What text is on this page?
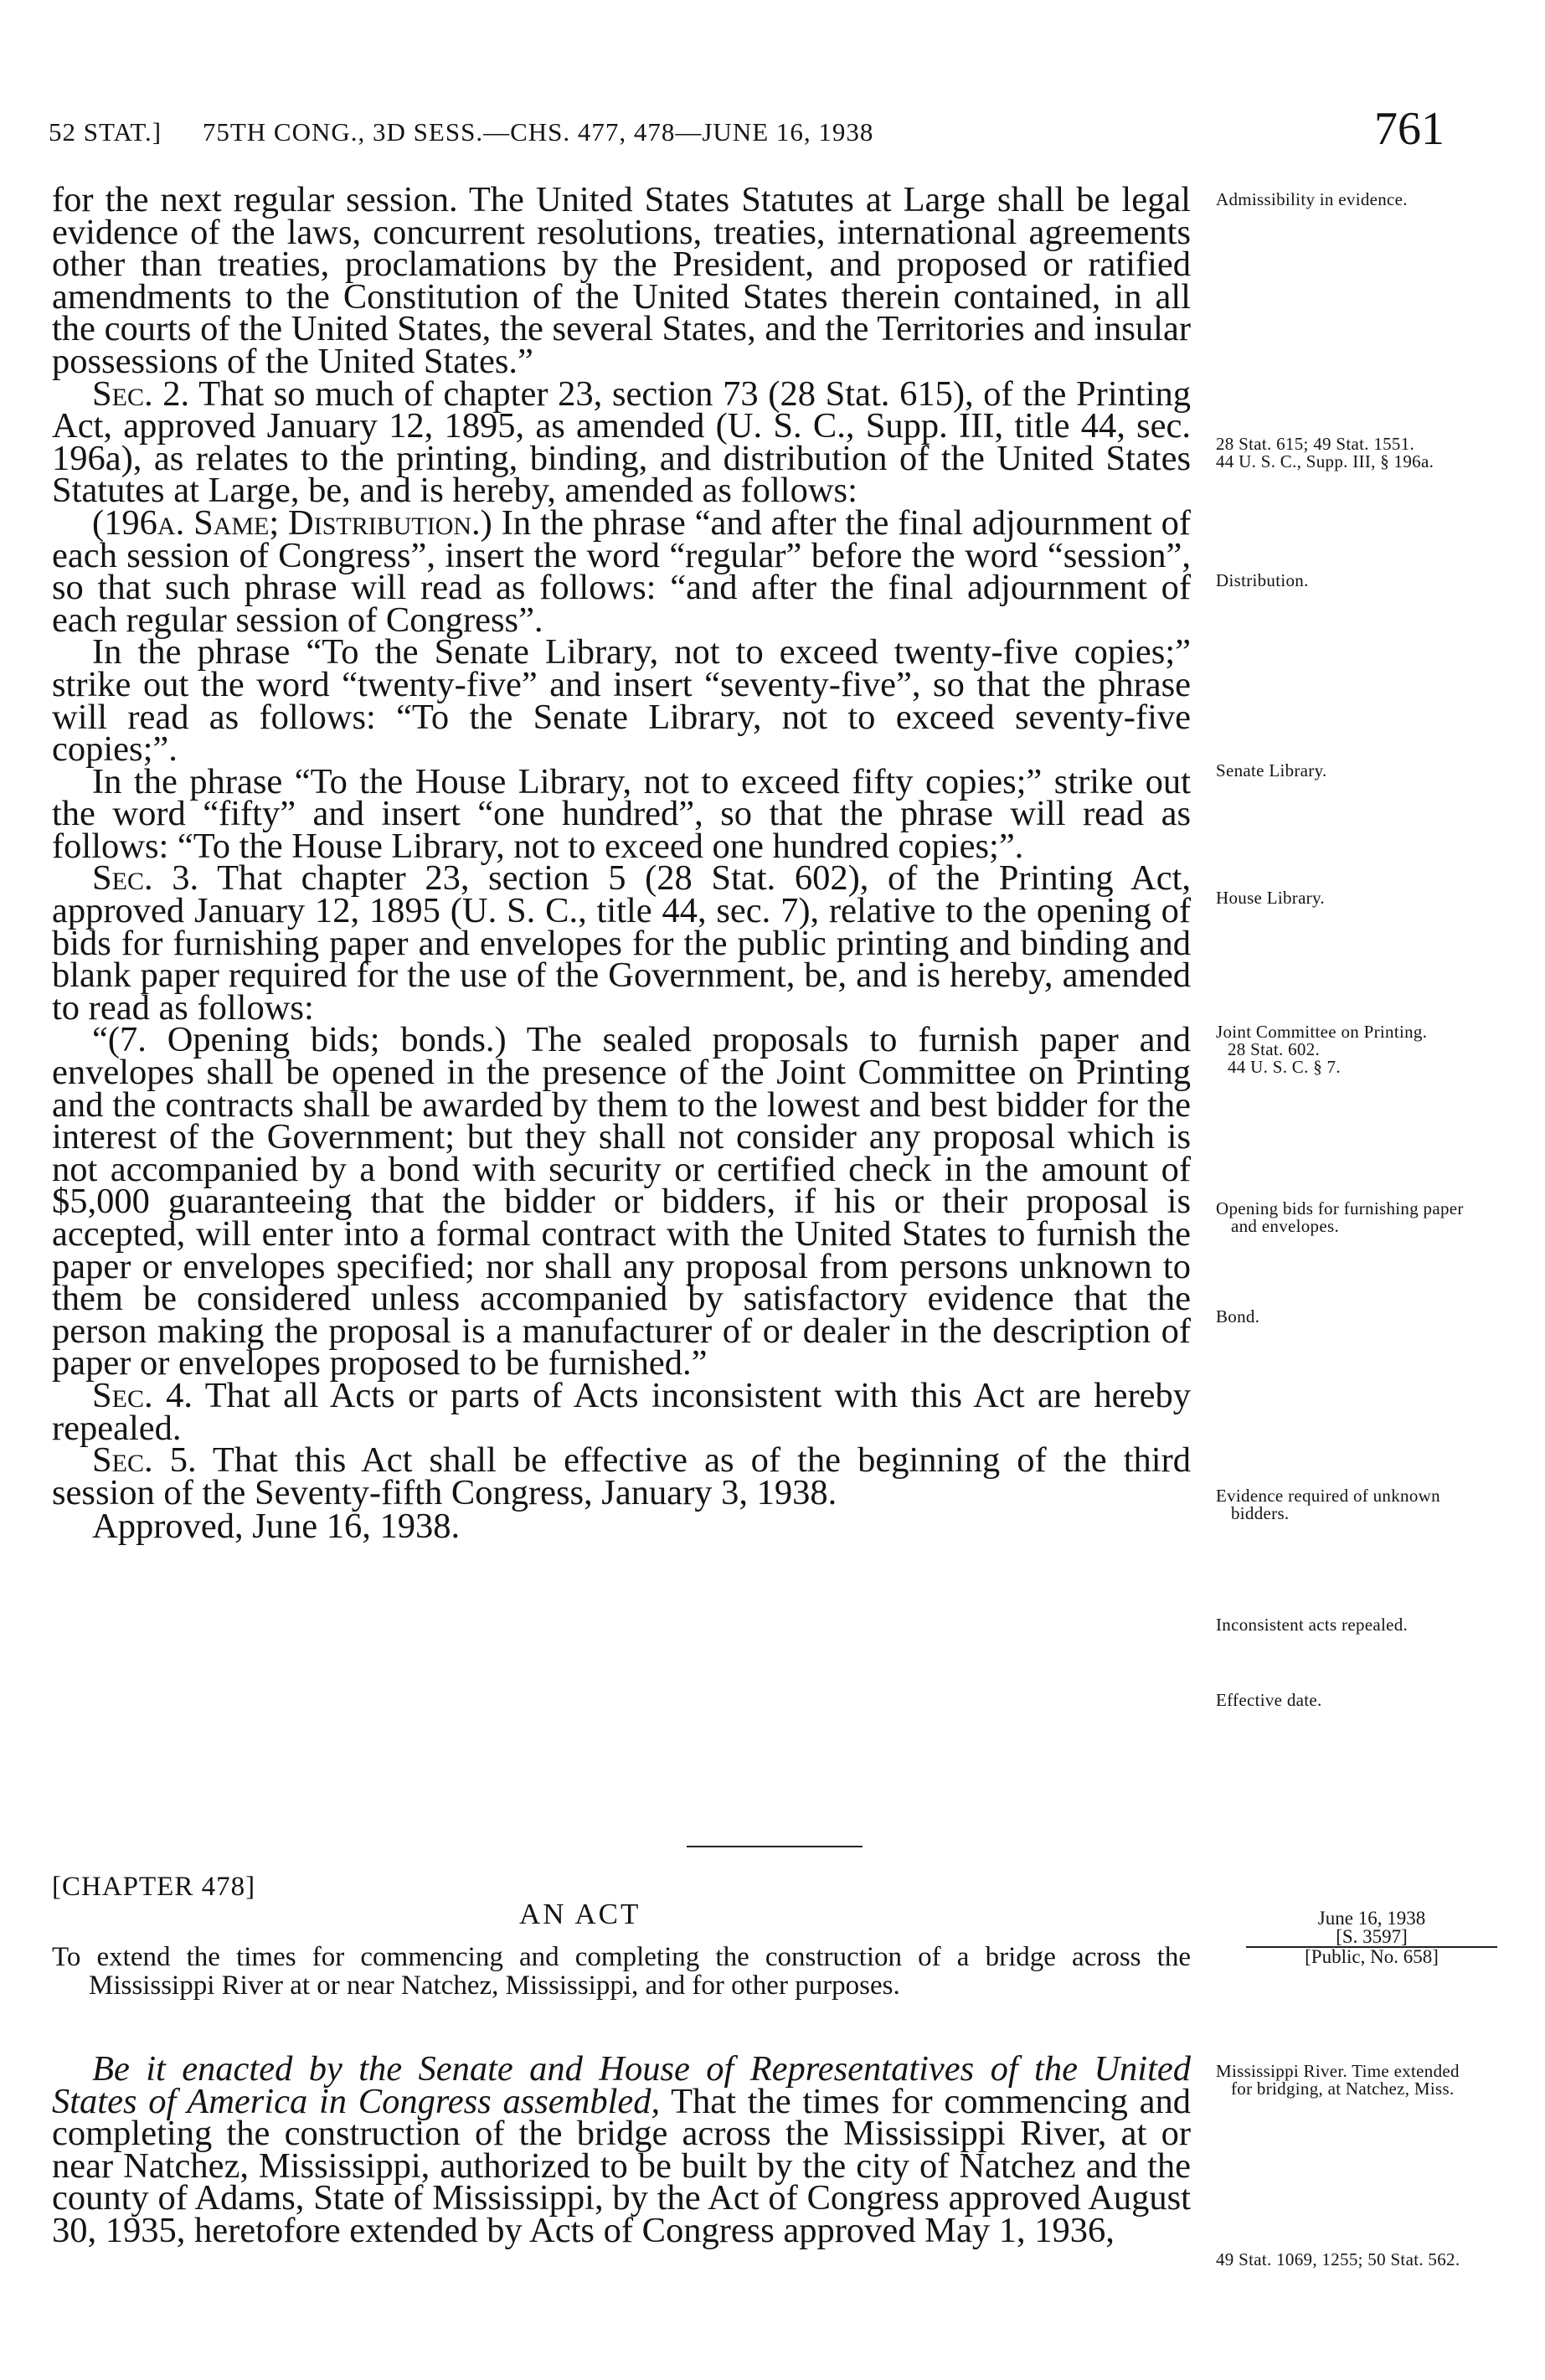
52 STAT.] 75TH CONG., 3D SESS.—CHS. 477, 478—JUNE 16, 1938	761

for the next regular session. The United States Statutes at Large shall be legal evidence of the laws, concurrent resolutions, treaties, international agreements other than treaties, proclamations by the President, and proposed or ratified amendments to the Constitution of the United States therein contained, in all the courts of the United States, the several States, and the Territories and insular possessions of the United States.”

Sec. 2. That so much of chapter 23, section 73 (28 Stat. 615), of the Printing Act, approved January 12, 1895, as amended (U. S. C., Supp. III, title 44, sec. 196a), as relates to the printing, binding, and distribution of the United States Statutes at Large, be, and is hereby, amended as follows:

(196a. Same; Distribution.) In the phrase “and after the final adjournment of each session of Congress”, insert the word “regular” before the word “session”, so that such phrase will read as follows: “and after the final adjournment of each regular session of Congress”.

In the phrase “To the Senate Library, not to exceed twenty-five copies;” strike out the word “twenty-five” and insert “seventy-five”, so that the phrase will read as follows: “To the Senate Library, not to exceed seventy-five copies;”.

In the phrase “To the House Library, not to exceed fifty copies;” strike out the word “fifty” and insert “one hundred”, so that the phrase will read as follows: “To the House Library, not to exceed one hundred copies;”.

Sec. 3. That chapter 23, section 5 (28 Stat. 602), of the Printing Act, approved January 12, 1895 (U. S. C., title 44, sec. 7), relative to the opening of bids for furnishing paper and envelopes for the public printing and binding and blank paper required for the use of the Government, be, and is hereby, amended to read as follows:

“(7. Opening bids; bonds.) The sealed proposals to furnish paper and envelopes shall be opened in the presence of the Joint Committee on Printing and the contracts shall be awarded by them to the lowest and best bidder for the interest of the Government; but they shall not consider any proposal which is not accompanied by a bond with security or certified check in the amount of $5,000 guaranteeing that the bidder or bidders, if his or their proposal is accepted, will enter into a formal contract with the United States to furnish the paper or envelopes specified; nor shall any proposal from persons unknown to them be considered unless accompanied by satisfactory evidence that the person making the proposal is a manufacturer of or dealer in the description of paper or envelopes proposed to be furnished.”

Sec. 4. That all Acts or parts of Acts inconsistent with this Act are hereby repealed.

Sec. 5. That this Act shall be effective as of the beginning of the third session of the Seventy-fifth Congress, January 3, 1938.

Approved, June 16, 1938.

[CHAPTER 478]
AN ACT

To extend the times for commencing and completing the construction of a bridge across the Mississippi River at or near Natchez, Mississippi, and for other purposes.

Be it enacted by the Senate and House of Representatives of the United States of America in Congress assembled, That the times for commencing and completing the construction of the bridge across the Mississippi River, at or near Natchez, Mississippi, authorized to be built by the city of Natchez and the county of Adams, State of Mississippi, by the Act of Congress approved August 30, 1935, heretofore extended by Acts of Congress approved May 1, 1936,

Admissibility in evidence.

28 Stat. 615; 49 Stat. 1551.

44 U. S. C., Supp. III, § 196a.

Distribution.

Senate Library.

House Library.

Joint Committee on Printing.

28 Stat. 602.

44 U. S. C. § 7.

Opening bids for furnishing paper and envelopes.

Bond.

Evidence required of unknown bidders.

Inconsistent acts repealed.

Effective date.

June 16, 1938

[S. 3597]

[Public, No. 658]

Mississippi River. Time extended for bridging, at Natchez, Miss.

49 Stat. 1069, 1255; 50 Stat. 562.
